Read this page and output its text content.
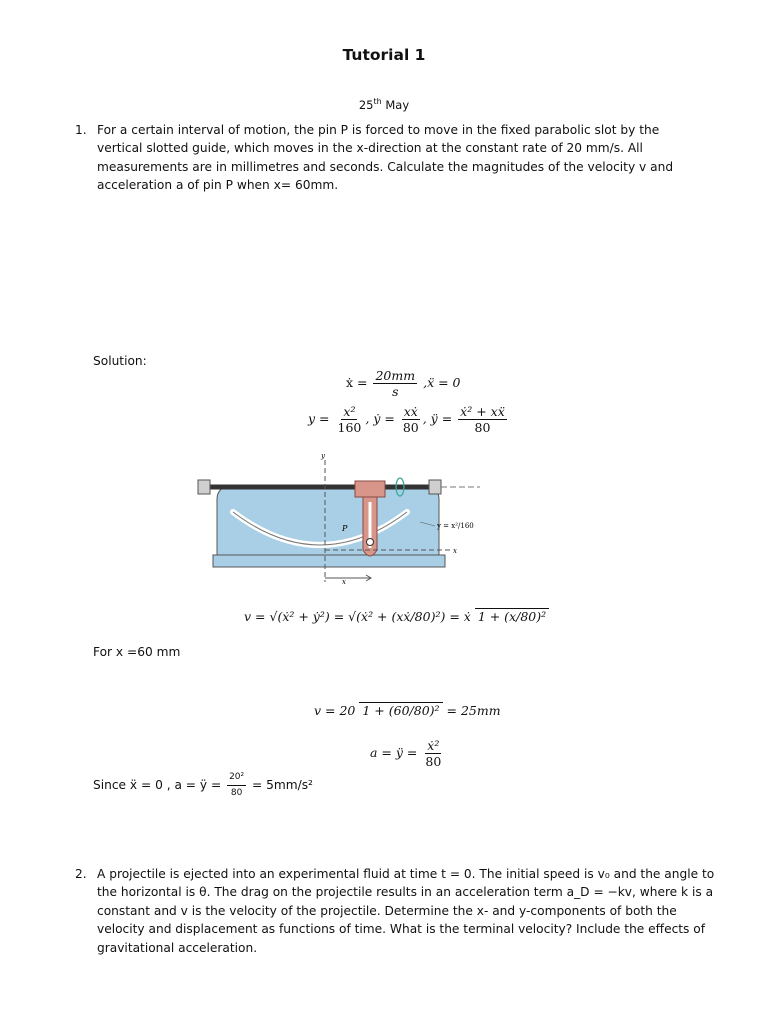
Tutorial 1
25th May
1. For a certain interval of motion, the pin P is forced to move in the fixed parabolic slot by the vertical slotted guide, which moves in the x-direction at the constant rate of 20 mm/s. All measurements are in millimetres and seconds. Calculate the magnitudes of the velocity v and acceleration a of pin P when x= 60mm.
Solution:
ẋ = $\frac{20mm}{s}$ ,ẍ = 0
$y = \frac{\text{x²}}{160}$ , ẏ = $\frac{\text{xẋ}}{80}$ , ÿ = $\frac{\text{ẋ² + xẍ}}{80}$
y
x
x
P	y = x²/160
v = √(ẋ² + ẏ²) = √(ẋ² + (xẋ/80)²) = ẋ 1 + (x/80)²
For x =60 mm
v = 20 1 + (60/80)² = 25mm
a = ÿ = $\frac{\text{ẋ²}}{80}$
Since ẍ = 0 , a = ÿ = $\frac{\text{20²}}{80} = 5mm/s^2$
2. A projectile is ejected into an experimental fluid at time t = 0. The initial speed is v₀ and the angle to the horizontal is θ. The drag on the projectile results in an acceleration term a_D = −kv, where k is a constant and v is the velocity of the projectile. Determine the x- and y-components of both the velocity and displacement as functions of time. What is the terminal velocity? Include the effects of gravitational acceleration.
